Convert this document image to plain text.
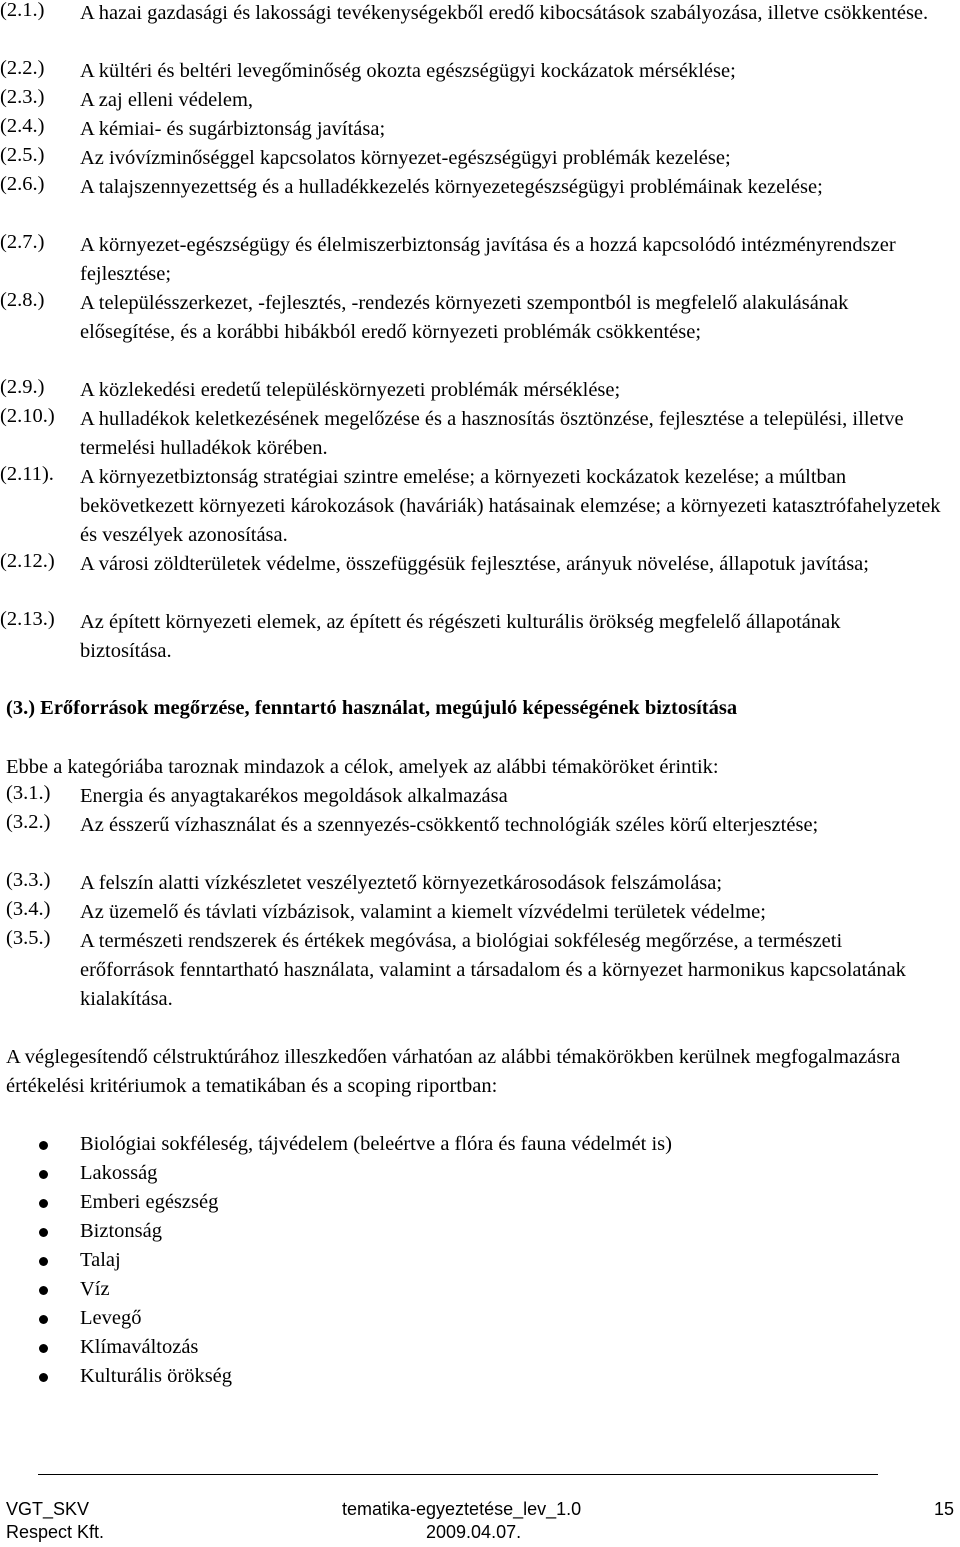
(2.1.) A hazai gazdasági és lakossági tevékenységekből eredő kibocsátások szabályozása, illetve csökkentése.
(2.2.) A kültéri és beltéri levegőminőség okozta egészségügyi kockázatok mérséklése;
(2.3.) A zaj elleni védelem,
(2.4.) A kémiai- és sugárbiztonság javítása;
(2.5.) Az ivóvízminőséggel kapcsolatos környezet-egészségügyi problémák kezelése;
(2.6.) A talajszennyezettség és a hulladékkezelés környezetegészségügyi problémáinak kezelése;
(2.7.) A környezet-egészségügy és élelmiszerbiztonság javítása és a hozzá kapcsolódó intézményrendszer fejlesztése;
(2.8.) A településszerkezet, -fejlesztés, -rendezés környezeti szempontból is megfelelő alakulásának elősegítése, és a korábbi hibákból eredő környezeti problémák csökkentése;
(2.9.) A közlekedési eredetű településkörnyezeti problémák mérséklése;
(2.10.) A hulladékok keletkezésének megelőzése és a hasznosítás ösztönzése, fejlesztése a települési, illetve termelési hulladékok körében.
(2.11). A környezetbiztonság stratégiai szintre emelése; a környezeti kockázatok kezelése; a múltban bekövetkezett környezeti károkozások (haváriák) hatásainak elemzése; a környezeti katasztrófahelyzetek és veszélyek azonosítása.
(2.12.) A városi zöldterületek védelme, összefüggésük fejlesztése, arányuk növelése, állapotuk javítása;
(2.13.) Az épített környezeti elemek, az épített és régészeti kulturális örökség megfelelő állapotának biztosítása.
(3.) Erőforrások megőrzése, fenntartó használat, megújuló képességének biztosítása
Ebbe a kategóriába taroznak mindazok a célok, amelyek az alábbi témaköröket érintik:
(3.1.) Energia és anyagtakarékos megoldások alkalmazása
(3.2.) Az ésszerű vízhasználat és a szennyezés-csökkentő technológiák széles körű elterjesztése;
(3.3.) A felszín alatti vízkészletet veszélyeztető környezetkárosodások felszámolása;
(3.4.) Az üzemelő és távlati vízbázisok, valamint a kiemelt vízvédelmi területek védelme;
(3.5.) A természeti rendszerek és értékek megóvása, a biológiai sokféleség megőrzése, a természeti erőforrások fenntartható használata, valamint a társadalom és a környezet harmonikus kapcsolatának kialakítása.
A véglegesítendő célstruktúrához illeszkedően várhatóan az alábbi témakörökben kerülnek megfogalmazásra értékelési kritériumok a tematikában és a scoping riportban:
Biológiai sokféleség, tájvédelem (beleértve a flóra és fauna védelmét is)
Lakosság
Emberi egészség
Biztonság
Talaj
Víz
Levegő
Klímaváltozás
Kulturális örökség
VGT_SKV
Respect Kft.
tematika-egyeztetése_lev_1.0
2009.04.07.
15
